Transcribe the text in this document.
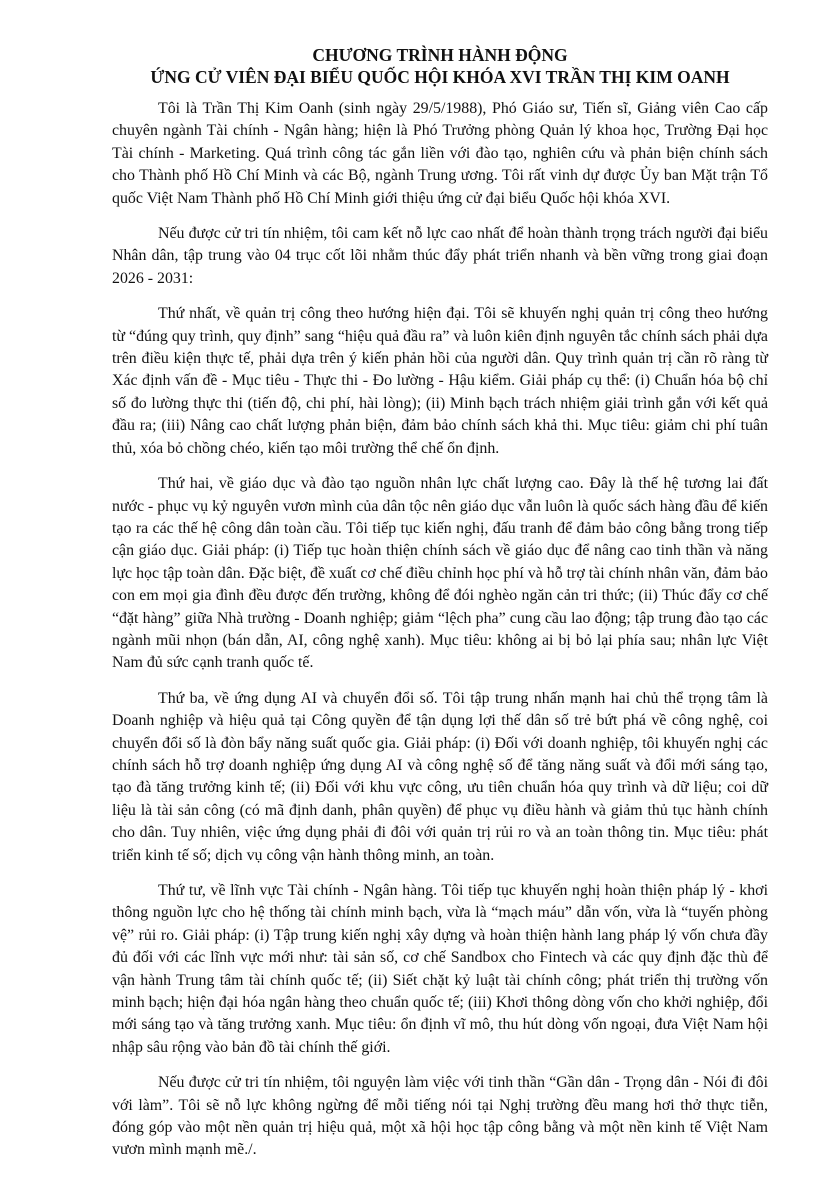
CHƯƠNG TRÌNH HÀNH ĐỘNG

ỨNG CỬ VIÊN ĐẠI BIỂU QUỐC HỘI KHÓA XVI TRẦN THỊ KIM OANH

Tôi là Trần Thị Kim Oanh (sinh ngày 29/5/1988), Phó Giáo sư, Tiến sĩ, Giảng viên Cao cấp chuyên ngành Tài chính - Ngân hàng; hiện là Phó Trưởng phòng Quản lý khoa học, Trường Đại học Tài chính - Marketing. Quá trình công tác gắn liền với đào tạo, nghiên cứu và phản biện chính sách cho Thành phố Hồ Chí Minh và các Bộ, ngành Trung ương. Tôi rất vinh dự được Ủy ban Mặt trận Tổ quốc Việt Nam Thành phố Hồ Chí Minh giới thiệu ứng cử đại biểu Quốc hội khóa XVI.

Nếu được cử tri tín nhiệm, tôi cam kết nỗ lực cao nhất để hoàn thành trọng trách người đại biểu Nhân dân, tập trung vào 04 trục cốt lõi nhằm thúc đẩy phát triển nhanh và bền vững trong giai đoạn 2026 - 2031:

Thứ nhất, về quản trị công theo hướng hiện đại. Tôi sẽ khuyến nghị quản trị công theo hướng từ “đúng quy trình, quy định” sang “hiệu quả đầu ra” và luôn kiên định nguyên tắc chính sách phải dựa trên điều kiện thực tế, phải dựa trên ý kiến phản hồi của người dân. Quy trình quản trị cần rõ ràng từ Xác định vấn đề - Mục tiêu - Thực thi - Đo lường - Hậu kiểm. Giải pháp cụ thể: (i) Chuẩn hóa bộ chỉ số đo lường thực thi (tiến độ, chi phí, hài lòng); (ii) Minh bạch trách nhiệm giải trình gắn với kết quả đầu ra; (iii) Nâng cao chất lượng phản biện, đảm bảo chính sách khả thi. Mục tiêu: giảm chi phí tuân thủ, xóa bỏ chồng chéo, kiến tạo môi trường thể chế ổn định.

Thứ hai, về giáo dục và đào tạo nguồn nhân lực chất lượng cao. Đây là thế hệ tương lai đất nước - phục vụ kỷ nguyên vươn mình của dân tộc nên giáo dục vẫn luôn là quốc sách hàng đầu để kiến tạo ra các thế hệ công dân toàn cầu. Tôi tiếp tục kiến nghị, đấu tranh để đảm bảo công bằng trong tiếp cận giáo dục. Giải pháp: (i) Tiếp tục hoàn thiện chính sách về giáo dục để nâng cao tinh thần và năng lực học tập toàn dân. Đặc biệt, đề xuất cơ chế điều chỉnh học phí và hỗ trợ tài chính nhân văn, đảm bảo con em mọi gia đình đều được đến trường, không để đói nghèo ngăn cản tri thức; (ii) Thúc đẩy cơ chế “đặt hàng” giữa Nhà trường - Doanh nghiệp; giảm “lệch pha” cung cầu lao động; tập trung đào tạo các ngành mũi nhọn (bán dẫn, AI, công nghệ xanh). Mục tiêu: không ai bị bỏ lại phía sau; nhân lực Việt Nam đủ sức cạnh tranh quốc tế.

Thứ ba, về ứng dụng AI và chuyển đổi số. Tôi tập trung nhấn mạnh hai chủ thể trọng tâm là Doanh nghiệp và hiệu quả tại Công quyền để tận dụng lợi thế dân số trẻ bứt phá về công nghệ, coi chuyển đổi số là đòn bẩy năng suất quốc gia. Giải pháp: (i) Đối với doanh nghiệp, tôi khuyến nghị các chính sách hỗ trợ doanh nghiệp ứng dụng AI và công nghệ số để tăng năng suất và đổi mới sáng tạo, tạo đà tăng trưởng kinh tế; (ii) Đối với khu vực công, ưu tiên chuẩn hóa quy trình và dữ liệu; coi dữ liệu là tài sản công (có mã định danh, phân quyền) để phục vụ điều hành và giảm thủ tục hành chính cho dân. Tuy nhiên, việc ứng dụng phải đi đôi với quản trị rủi ro và an toàn thông tin. Mục tiêu: phát triển kinh tế số; dịch vụ công vận hành thông minh, an toàn.

Thứ tư, về lĩnh vực Tài chính - Ngân hàng. Tôi tiếp tục khuyến nghị hoàn thiện pháp lý - khơi thông nguồn lực cho hệ thống tài chính minh bạch, vừa là “mạch máu” dẫn vốn, vừa là “tuyến phòng vệ” rủi ro. Giải pháp: (i) Tập trung kiến nghị xây dựng và hoàn thiện hành lang pháp lý vốn chưa đầy đủ đối với các lĩnh vực mới như: tài sản số, cơ chế Sandbox cho Fintech và các quy định đặc thù để vận hành Trung tâm tài chính quốc tế; (ii) Siết chặt kỷ luật tài chính công; phát triển thị trường vốn minh bạch; hiện đại hóa ngân hàng theo chuẩn quốc tế; (iii) Khơi thông dòng vốn cho khởi nghiệp, đổi mới sáng tạo và tăng trưởng xanh. Mục tiêu: ổn định vĩ mô, thu hút dòng vốn ngoại, đưa Việt Nam hội nhập sâu rộng vào bản đồ tài chính thế giới.

Nếu được cử tri tín nhiệm, tôi nguyện làm việc với tinh thần “Gần dân - Trọng dân - Nói đi đôi với làm”. Tôi sẽ nỗ lực không ngừng để mỗi tiếng nói tại Nghị trường đều mang hơi thở thực tiễn, đóng góp vào một nền quản trị hiệu quả, một xã hội học tập công bằng và một nền kinh tế Việt Nam vươn mình mạnh mẽ./.
